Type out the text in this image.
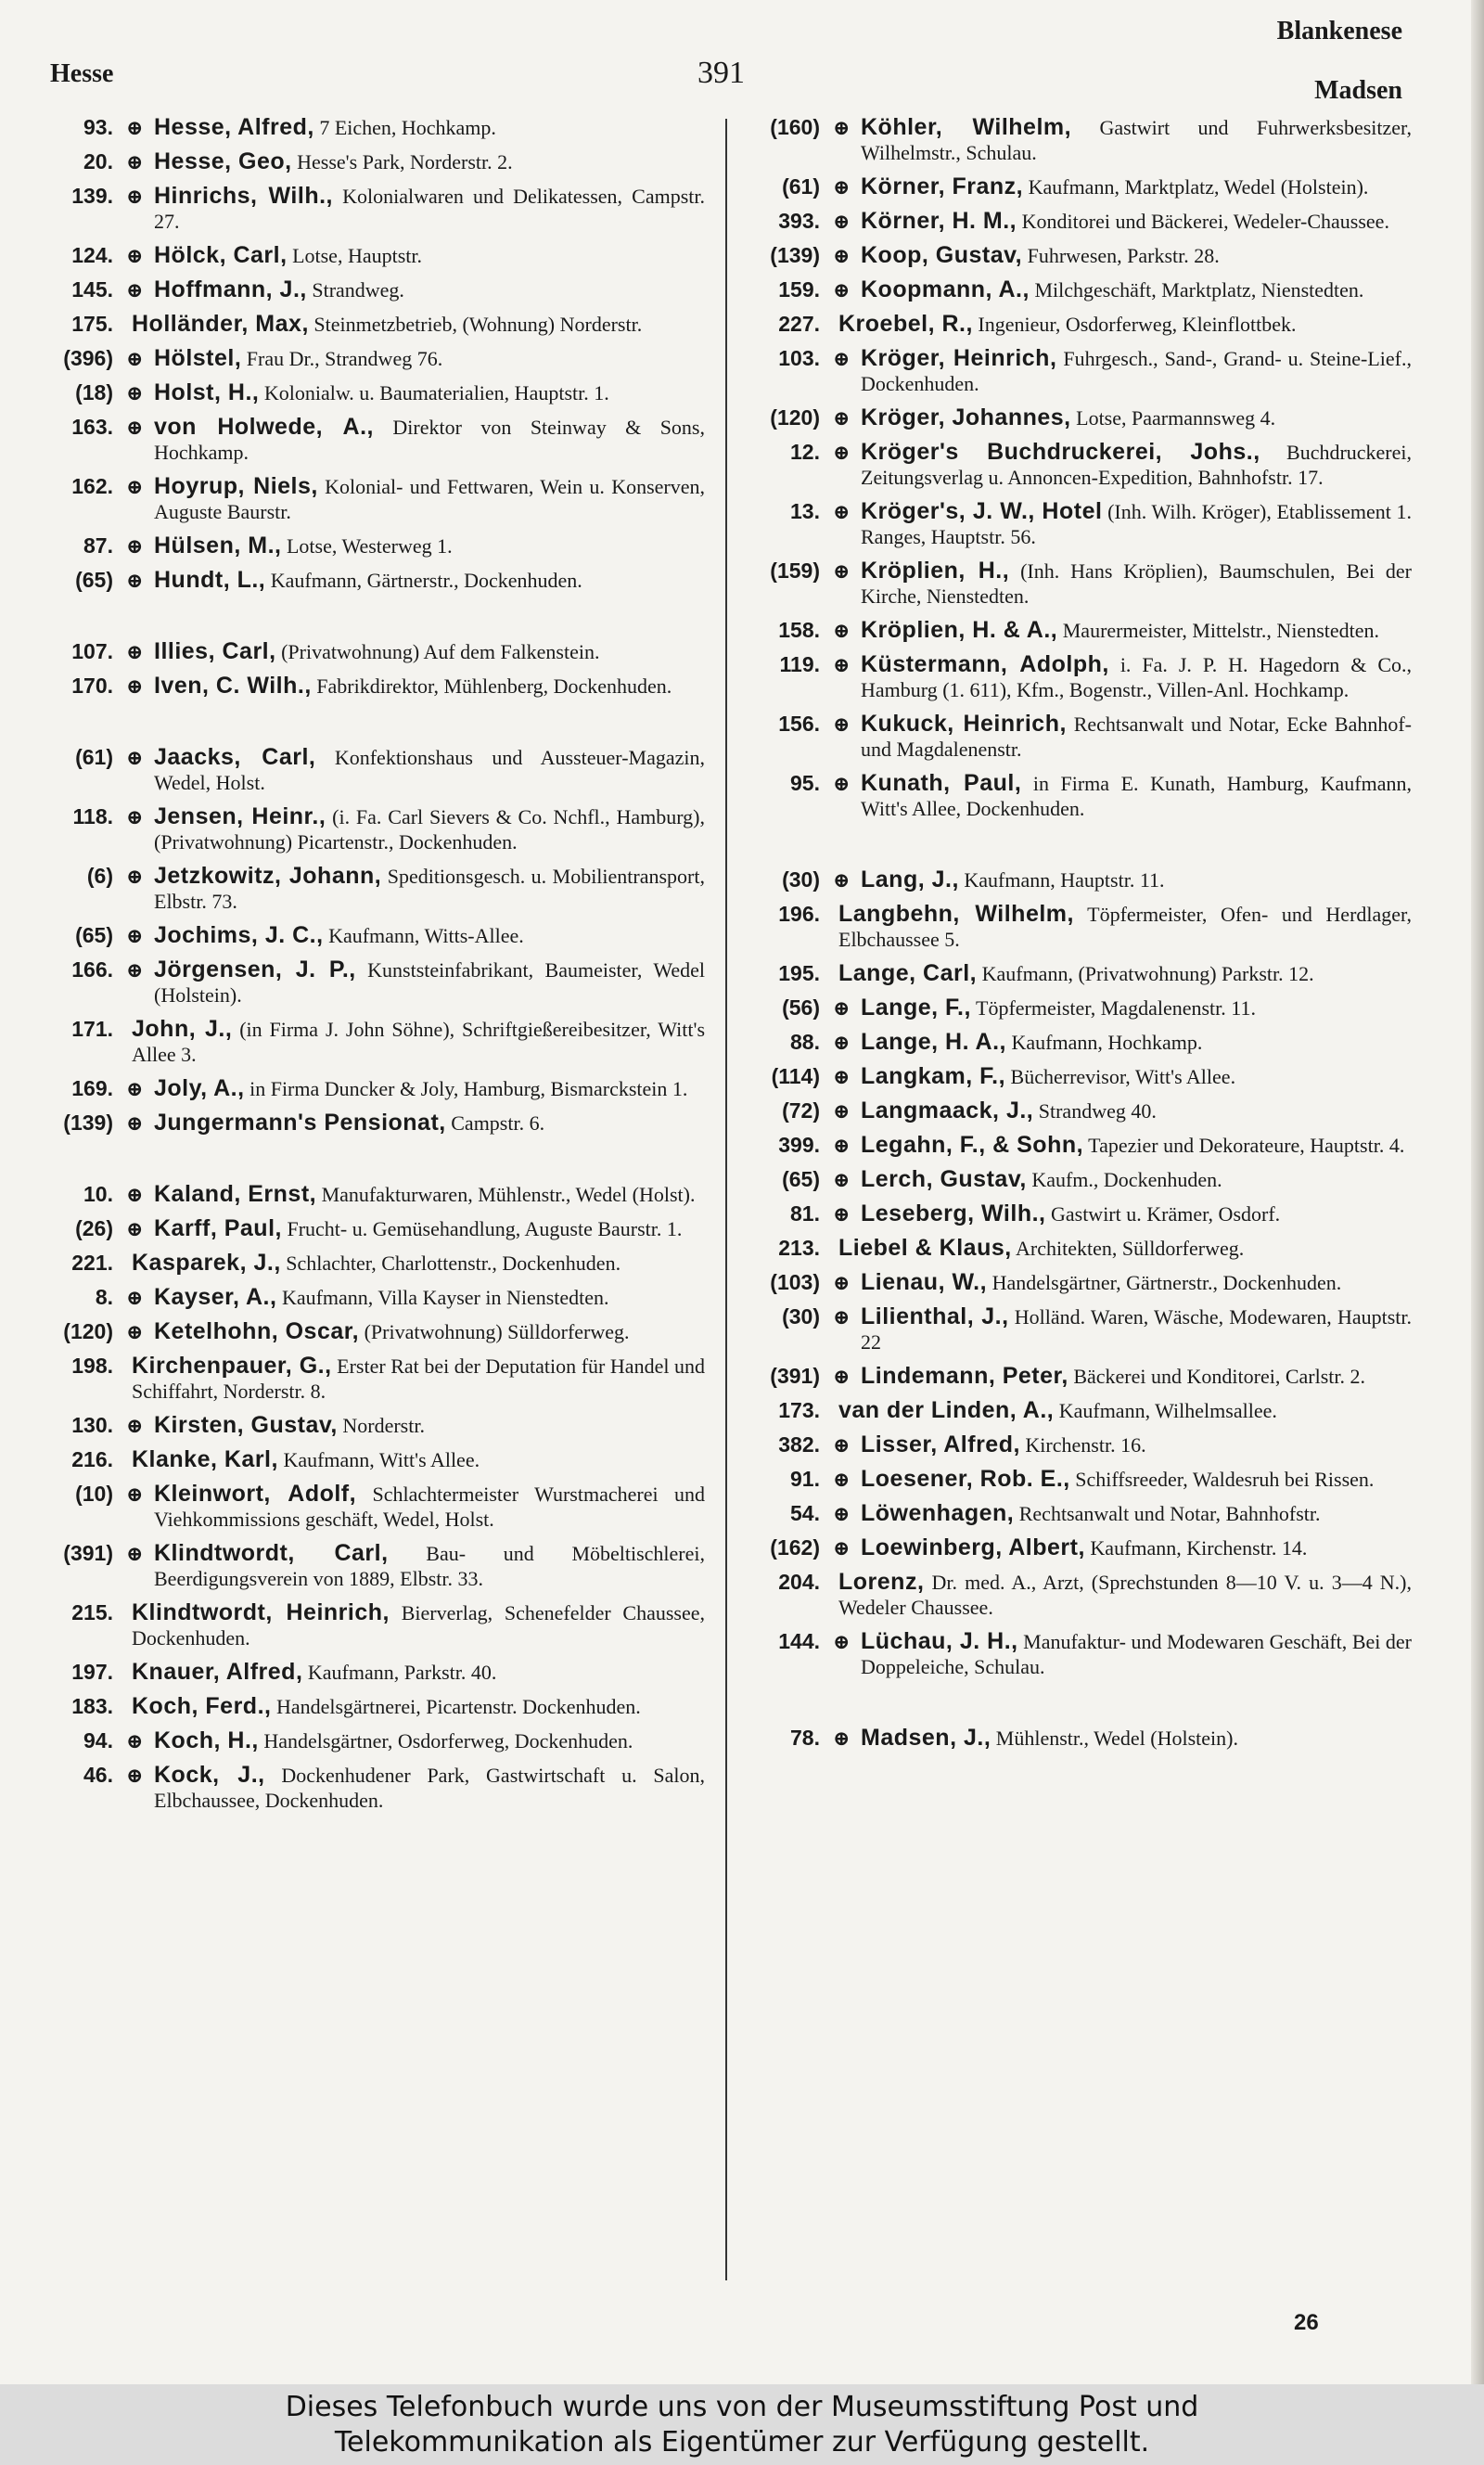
Hesse	391
Blankenese
Madsen
93. ⊕ Hesse, Alfred, 7 Eichen, Hochkamp.
20. ⊕ Hesse, Geo, Hesse's Park, Norderstr. 2.
139. ⊕ Hinrichs, Wilh., Kolonialwaren und Delikatessen, Campstr. 27.
124. ⊕ Hölck, Carl, Lotse, Hauptstr.
145. ⊕ Hoffmann, J., Strandweg.
175. Holländer, Max, Steinmetzbetrieb, (Wohnung) Norderstr.
(396) ⊕ Hölstel, Frau Dr., Strandweg 76.
(18) ⊕ Holst, H., Kolonialw. u. Baumaterialien, Hauptstr. 1.
163. ⊕ von Holwede, A., Direktor von Steinway & Sons, Hochkamp.
162. ⊕ Hoyrup, Niels, Kolonial- und Fettwaren, Wein u. Konserven, Auguste Baurstr.
87. ⊕ Hülsen, M., Lotse, Westerweg 1.
(65) ⊕ Hundt, L., Kaufmann, Gärtnerstr., Dockenhuden.
107. ⊕ Illies, Carl, (Privatwohnung) Auf dem Falkenstein.
170. ⊕ Iven, C. Wilh., Fabrikdirektor, Mühlenberg, Dockenhuden.
(61) ⊕ Jaacks, Carl, Konfektionshaus und Aussteuer-Magazin, Wedel, Holst.
118. ⊕ Jensen, Heinr., (i. Fa. Carl Sievers & Co. Nchfl., Hamburg), (Privatwohnung) Picartenstr., Dockenhuden.
(6) ⊕ Jetzkowitz, Johann, Speditionsgesch. u. Mobilientransport, Elbstr. 73.
(65) ⊕ Jochims, J. C., Kaufmann, Witts-Allee.
166. ⊕ Jörgensen, J. P., Kunststeinfabrikant, Baumeister, Wedel (Holstein).
171. John, J., (in Firma J. John Söhne), Schriftgießereibesitzer, Witt's Allee 3.
169. ⊕ Joly, A., in Firma Duncker & Joly, Hamburg, Bismarckstein 1.
(139) ⊕ Jungermann's Pensionat, Campstr. 6.
10. ⊕ Kaland, Ernst, Manufakturwaren, Mühlenstr., Wedel (Holst).
(26) ⊕ Karff, Paul, Frucht- u. Gemüsehandlung, Auguste Baurstr. 1.
221. Kasparek, J., Schlachter, Charlottenstr., Dockenhuden.
8. ⊕ Kayser, A., Kaufmann, Villa Kayser in Nienstedten.
(120) ⊕ Ketelhohn, Oscar, (Privatwohnung) Sülldorferweg.
198. Kirchenpauer, G., Erster Rat bei der Deputation für Handel und Schiffahrt, Norderstr. 8.
130. ⊕ Kirsten, Gustav, Norderstr.
216. Klanke, Karl, Kaufmann, Witt's Allee.
(10) ⊕ Kleinwort, Adolf, Schlachtermeister Wurstmacherei und Viehkommissions geschäft, Wedel, Holst.
(391) ⊕ Klindtwordt, Carl, Bau- und Möbeltischlerei, Beerdigungsverein von 1889, Elbstr. 33.
215. Klindtwordt, Heinrich, Bierverlag, Schenefelder Chaussee, Dockenhuden.
197. Knauer, Alfred, Kaufmann, Parkstr. 40.
183. Koch, Ferd., Handelsgärtnerei, Picartenstr. Dockenhuden.
94. ⊕ Koch, H., Handelsgärtner, Osdorferweg, Dockenhuden.
46. ⊕ Kock, J., Dockenhudener Park, Gastwirtschaft u. Salon, Elbchaussee, Dockenhuden.
(160) ⊕ Köhler, Wilhelm, Gastwirt und Fuhrwerksbesitzer, Wilhelmstr., Schulau.
(61) ⊕ Körner, Franz, Kaufmann, Marktplatz, Wedel (Holstein).
393. ⊕ Körner, H. M., Konditorei und Bäckerei, Wedeler-Chaussee.
(139) ⊕ Koop, Gustav, Fuhrwesen, Parkstr. 28.
159. ⊕ Koopmann, A., Milchgeschäft, Marktplatz, Nienstedten.
227. Kroebel, R., Ingenieur, Osdorferweg, Kleinflottbek.
103. ⊕ Kröger, Heinrich, Fuhrgesch., Sand-, Grand- u. Steine-Lief., Dockenhuden.
(120) ⊕ Kröger, Johannes, Lotse, Paarmannsweg 4.
12. ⊕ Kröger's Buchdruckerei, Johs., Buchdruckerei, Zeitungsverlag u. Annoncen-Expedition, Bahnhofstr. 17.
13. ⊕ Kröger's, J. W., Hotel (Inh. Wilh. Kröger), Etablissement 1. Ranges, Hauptstr. 56.
(159) ⊕ Kröplien, H., (Inh. Hans Kröplien), Baumschulen, Bei der Kirche, Nienstedten.
158. ⊕ Kröplien, H. & A., Maurermeister, Mittelstr., Nienstedten.
119. ⊕ Küstermann, Adolph, i. Fa. J. P. H. Hagedorn & Co., Hamburg (1. 611), Kfm., Bogenstr., Villen-Anl. Hochkamp.
156. ⊕ Kukuck, Heinrich, Rechtsanwalt und Notar, Ecke Bahnhof- und Magdalenenstr.
95. ⊕ Kunath, Paul, in Firma E. Kunath, Hamburg, Kaufmann, Witt's Allee, Dockenhuden.
(30) ⊕ Lang, J., Kaufmann, Hauptstr. 11.
196. Langbehn, Wilhelm, Töpfermeister, Ofen- und Herdlager, Elbchaussee 5.
195. Lange, Carl, Kaufmann, (Privatwohnung) Parkstr. 12.
(56) ⊕ Lange, F., Töpfermeister, Magdalenenstr. 11.
88. ⊕ Lange, H. A., Kaufmann, Hochkamp.
(114) ⊕ Langkam, F., Bücherrevisor, Witt's Allee.
(72) ⊕ Langmaack, J., Strandweg 40.
399. ⊕ Legahn, F., & Sohn, Tapezier und Dekorateure, Hauptstr. 4.
(65) ⊕ Lerch, Gustav, Kaufm., Dockenhuden.
81. ⊕ Leseberg, Wilh., Gastwirt u. Krämer, Osdorf.
213. Liebel & Klaus, Architekten, Sülldorferweg.
(103) ⊕ Lienau, W., Handelsgärtner, Gärtnerstr., Dockenhuden.
(30) ⊕ Lilienthal, J., Holländ. Waren, Wäsche, Modewaren, Hauptstr. 22
(391) ⊕ Lindemann, Peter, Bäckerei und Konditorei, Carlstr. 2.
173. van der Linden, A., Kaufmann, Wilhelmsallee.
382. ⊕ Lisser, Alfred, Kirchenstr. 16.
91. ⊕ Loesener, Rob. E., Schiffsreeder, Waldesruh bei Rissen.
54. ⊕ Löwenhagen, Rechtsanwalt und Notar, Bahnhofstr.
(162) ⊕ Loewinberg, Albert, Kaufmann, Kirchenstr. 14.
204. Lorenz, Dr. med. A., Arzt, (Sprechstunden 8—10 V. u. 3—4 N.), Wedeler Chaussee.
144. ⊕ Lüchau, J. H., Manufaktur- und Modewaren Geschäft, Bei der Doppeleiche, Schulau.
78. ⊕ Madsen, J., Mühlenstr., Wedel (Holstein).
26
Dieses Telefonbuch wurde uns von der Museumsstiftung Post und
Telekommunikation als Eigentümer zur Verfügung gestellt.
